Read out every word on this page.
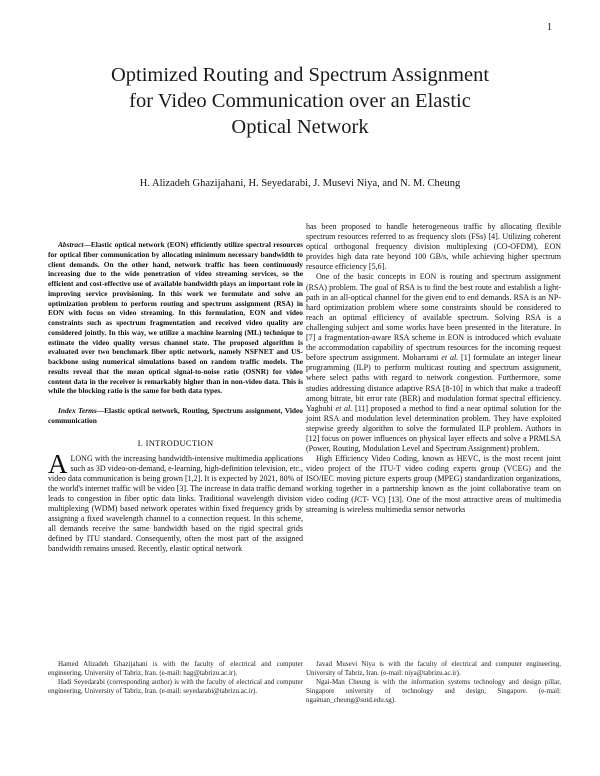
1
Optimized Routing and Spectrum Assignment
for Video Communication over an Elastic
Optical Network
H. Alizadeh Ghazijahani, H. Seyedarabi, J. Musevi Niya, and N. M. Cheung

Abstract—Elastic optical network (EON) efficiently utilize spectral resources for optical fiber communication by allocating minimum necessary bandwidth to client demands. On the other hand, network traffic has been continuously increasing due to the wide penetration of video streaming services, so the efficient and cost-effective use of available bandwidth plays an important role in improving service provisioning. In this work we formulate and solve an optimization problem to perform routing and spectrum assignment (RSA) in EON with focus on video streaming. In this formulation, EON and video constraints such as spectrum fragmentation and received video quality are considered jointly. In this way, we utilize a machine learning (ML) technique to estimate the video quality versus channel state. The proposed algorithm is evaluated over two benchmark fiber optic network, namely NSFNET and US-backbone using numerical simulations based on random traffic models. The results reveal that the mean optical signal-to-noise ratio (OSNR) for video content data in the receiver is remarkably higher than in non-video data. This is while the blocking ratio is the same for both data types.

Index Terms—Elastic optical network, Routing, Spectrum assignment, Video communication

I. INTRODUCTION

ALONG with the increasing bandwidth-intensive multimedia applications such as 3D video-on-demand, e-learning, high-definition television, etc., video data communication is being grown [1,2]. It is expected by 2021, 80% of the world's internet traffic will be video [3]. The increase in data traffic demand leads to congestion in fiber optic data links. Traditional wavelength division multiplexing (WDM) based network operates within fixed frequency grids by assigning a fixed wavelength channel to a connection request. In this scheme, all demands receive the same bandwidth based on the rigid spectral grids defined by ITU standard. Consequently, often the most part of the assigned bandwidth remains unused. Recently, elastic optical network

has been proposed to handle heterogeneous traffic by allocating flexible spectrum resources referred to as frequency slots (FSs) [4]. Utilizing coherent optical orthogonal frequency division multiplexing (CO-OFDM), EON provides high data rate beyond 100 GB/s, while achieving higher spectrum resource efficiency [5,6].

One of the basic concepts in EON is routing and spectrum assignment (RSA) problem. The goal of RSA is to find the best route and establish a light-path in an all-optical channel for the given end to end demands. RSA is an NP-hard optimization problem where some constraints should be considered to reach an optimal efficiency of available spectrum. Solving RSA is a challenging subject and some works have been presented in the literature. In [7] a fragmentation-aware RSA scheme in EON is introduced which evaluate the accommodation capability of spectrum resources for the incoming request before spectrum assignment. Moharrami et al. [1] formulate an integer linear programming (ILP) to perform multicast routing and spectrum assignment, where select paths with regard to network congestion. Furthermore, some studies addressing distance adaptive RSA [8-10] in which that make a tradeoff among bitrate, bit error rate (BER) and modulation format spectral efficiency. Yaghubi et al. [11] proposed a method to find a near optimal solution for the joint RSA and modulation level determination problem. They have exploited stepwise greedy algorithm to solve the formulated ILP problem. Authors in [12] focus on power influences on physical layer effects and solve a PRMLSA (Power, Routing, Modulation Level and Spectrum Assignment) problem.

High Efficiency Video Coding, known as HEVC, is the most recent joint video project of the ITU-T video coding experts group (VCEG) and the ISO/IEC moving picture experts group (MPEG) standardization organizations, working together in a partnership known as the joint collaborative team on video coding (JCT- VC) [13]. One of the most attractive areas of multimedia streaming is wireless multimedia sensor networks

Hamed Alizadeh Ghazijahani is with the faculty of electrical and computer engineering, University of Tabriz, Iran. (e-mail: hag@tabrizu.ac.ir).

Hadi Seyedarabi (corresponding author) is with the faculty of electrical and computer engineering, University of Tabriz, Iran. (e-mail: seyedarabi@tabrizu.ac.ir).

Javad Musevi Niya is with the faculty of electrical and computer engineering, University of Tabriz, Iran. (e-mail: niya@tabrizu.ac.ir).

Ngai-Man Cheung is with the information systems technology and design pillar, Singapore university of technology and design, Singapore. (e-mail: ngaiman_cheung@sutd.edu.sg).
